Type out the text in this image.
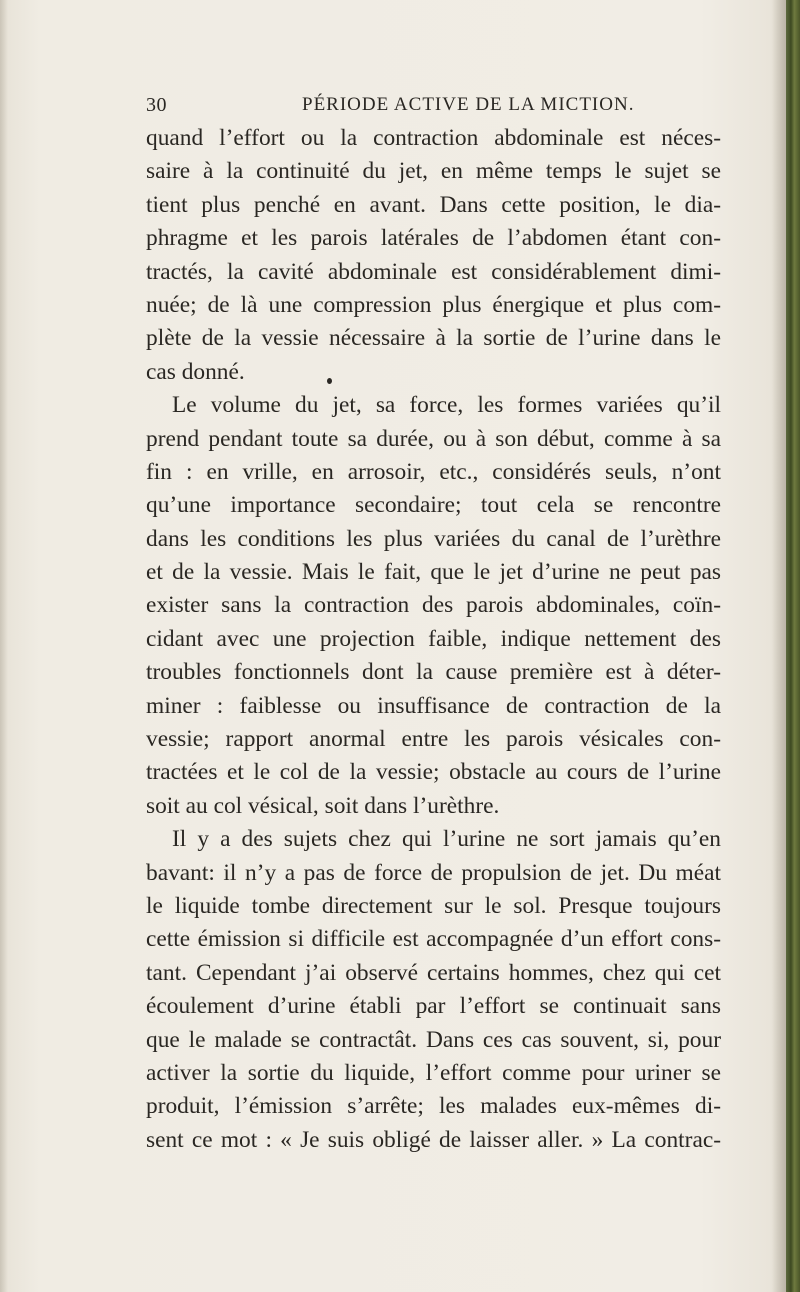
30	PÉRIODE ACTIVE DE LA MICTION.
quand l’effort ou la contraction abdominale est néces-
saire à la continuité du jet, en même temps le sujet se
tient plus penché en avant. Dans cette position, le dia-
phragme et les parois latérales de l’abdomen étant con-
tractés, la cavité abdominale est considérablement dimi-
nuée; de là une compression plus énergique et plus com-
plète de la vessie nécessaire à la sortie de l’urine dans le
cas donné.
Le volume du jet, sa force, les formes variées qu’il
prend pendant toute sa durée, ou à son début, comme à sa
fin : en vrille, en arrosoir, etc., considérés seuls, n’ont
qu’une importance secondaire; tout cela se rencontre
dans les conditions les plus variées du canal de l’urèthre
et de la vessie. Mais le fait, que le jet d’urine ne peut pas
exister sans la contraction des parois abdominales, coïn-
cidant avec une projection faible, indique nettement des
troubles fonctionnels dont la cause première est à déter-
miner : faiblesse ou insuffisance de contraction de la
vessie; rapport anormal entre les parois vésicales con-
tractées et le col de la vessie; obstacle au cours de l’urine
soit au col vésical, soit dans l’urèthre.
Il y a des sujets chez qui l’urine ne sort jamais qu’en
bavant: il n’y a pas de force de propulsion de jet. Du méat
le liquide tombe directement sur le sol. Presque toujours
cette émission si difficile est accompagnée d’un effort cons-
tant. Cependant j’ai observé certains hommes, chez qui cet
écoulement d’urine établi par l’effort se continuait sans
que le malade se contractât. Dans ces cas souvent, si, pour
activer la sortie du liquide, l’effort comme pour uriner se
produit, l’émission s’arrête; les malades eux-mêmes di-
sent ce mot : « Je suis obligé de laisser aller. » La contrac-
